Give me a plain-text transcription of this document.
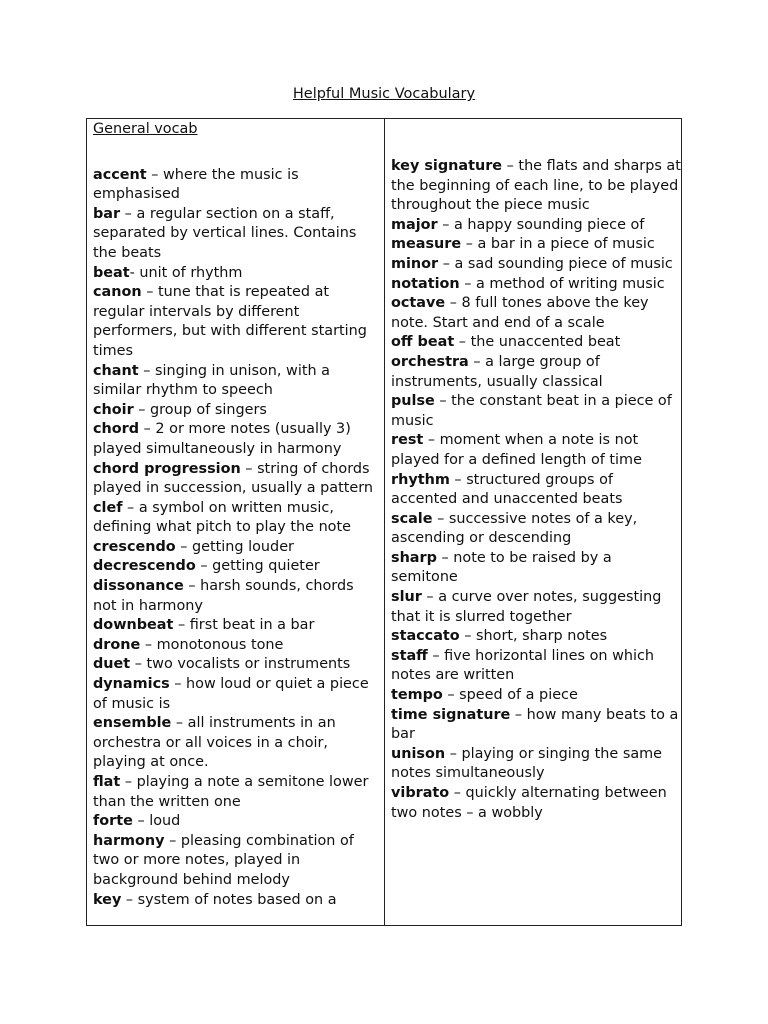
Helpful Music Vocabulary
General vocab
accent – where the music is emphasised
bar – a regular section on a staff, separated by vertical lines. Contains the beats
beat- unit of rhythm
canon – tune that is repeated at regular intervals by different performers, but with different starting times
chant – singing in unison, with a similar rhythm to speech
choir – group of singers
chord – 2 or more notes (usually 3) played simultaneously in harmony
chord progression – string of chords played in succession, usually a pattern
clef – a symbol on written music, defining what pitch to play the note
crescendo – getting louder
decrescendo – getting quieter
dissonance – harsh sounds, chords not in harmony
downbeat – first beat in a bar
drone – monotonous tone
duet – two vocalists or instruments
dynamics – how loud or quiet a piece of music is
ensemble – all instruments in an orchestra or all voices in a choir, playing at once.
flat – playing a note a semitone lower than the written one
forte – loud
harmony – pleasing combination of two or more notes, played in background behind melody
key – system of notes based on a
key signature – the flats and sharps at the beginning of each line, to be played throughout the piece music
major – a happy sounding piece of
measure – a bar in a piece of music
minor – a sad sounding piece of music
notation – a method of writing music
octave – 8 full tones above the key note. Start and end of a scale
off beat – the unaccented beat
orchestra – a large group of instruments, usually classical
pulse – the constant beat in a piece of music
rest – moment when a note is not played for a defined length of time
rhythm – structured groups of accented and unaccented beats
scale – successive notes of a key, ascending or descending
sharp – note to be raised by a semitone
slur – a curve over notes, suggesting that it is slurred together
staccato – short, sharp notes
staff – five horizontal lines on which notes are written
tempo – speed of a piece
time signature – how many beats to a bar
unison – playing or singing the same notes simultaneously
vibrato – quickly alternating between two notes – a wobbly
